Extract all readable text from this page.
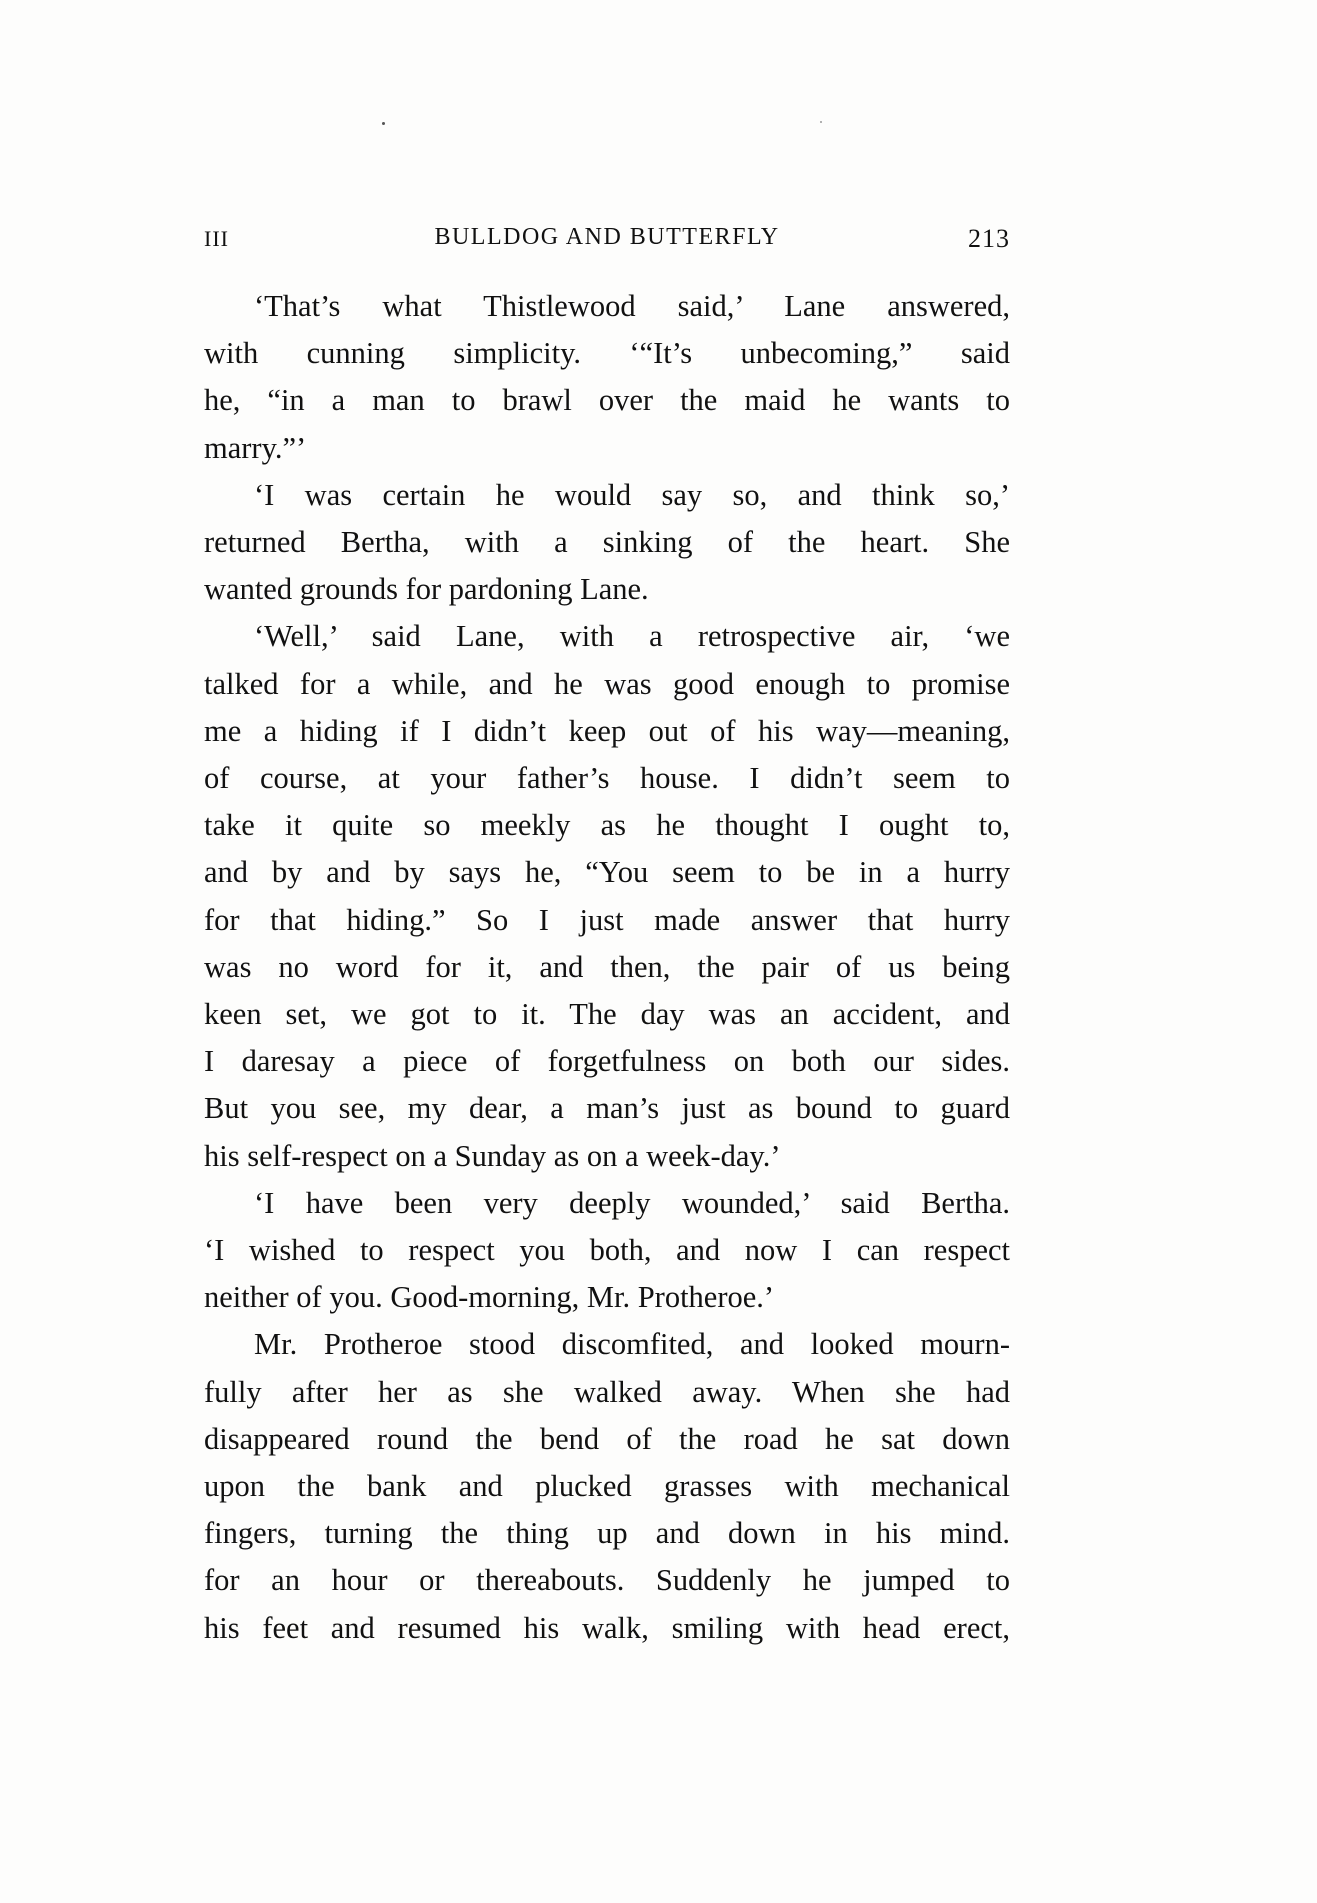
III	BULLDOG AND BUTTERFLY	213
‘That’s what Thistlewood said,’ Lane answered,
with cunning simplicity. ‘“It’s unbecoming,” said
he, “in a man to brawl over the maid he wants to
marry.”’
‘I was certain he would say so, and think so,’
returned Bertha, with a sinking of the heart. She
wanted grounds for pardoning Lane.
‘Well,’ said Lane, with a retrospective air, ‘we
talked for a while, and he was good enough to promise
me a hiding if I didn’t keep out of his way—meaning,
of course, at your father’s house. I didn’t seem to
take it quite so meekly as he thought I ought to,
and by and by says he, “You seem to be in a hurry
for that hiding.” So I just made answer that hurry
was no word for it, and then, the pair of us being
keen set, we got to it. The day was an accident, and
I daresay a piece of forgetfulness on both our sides.
But you see, my dear, a man’s just as bound to guard
his self-respect on a Sunday as on a week-day.’
‘I have been very deeply wounded,’ said Bertha.
‘I wished to respect you both, and now I can respect
neither of you. Good-morning, Mr. Protheroe.’
Mr. Protheroe stood discomfited, and looked mourn-
fully after her as she walked away. When she had
disappeared round the bend of the road he sat down
upon the bank and plucked grasses with mechanical
fingers, turning the thing up and down in his mind.
for an hour or thereabouts. Suddenly he jumped to
his feet and resumed his walk, smiling with head erect,
